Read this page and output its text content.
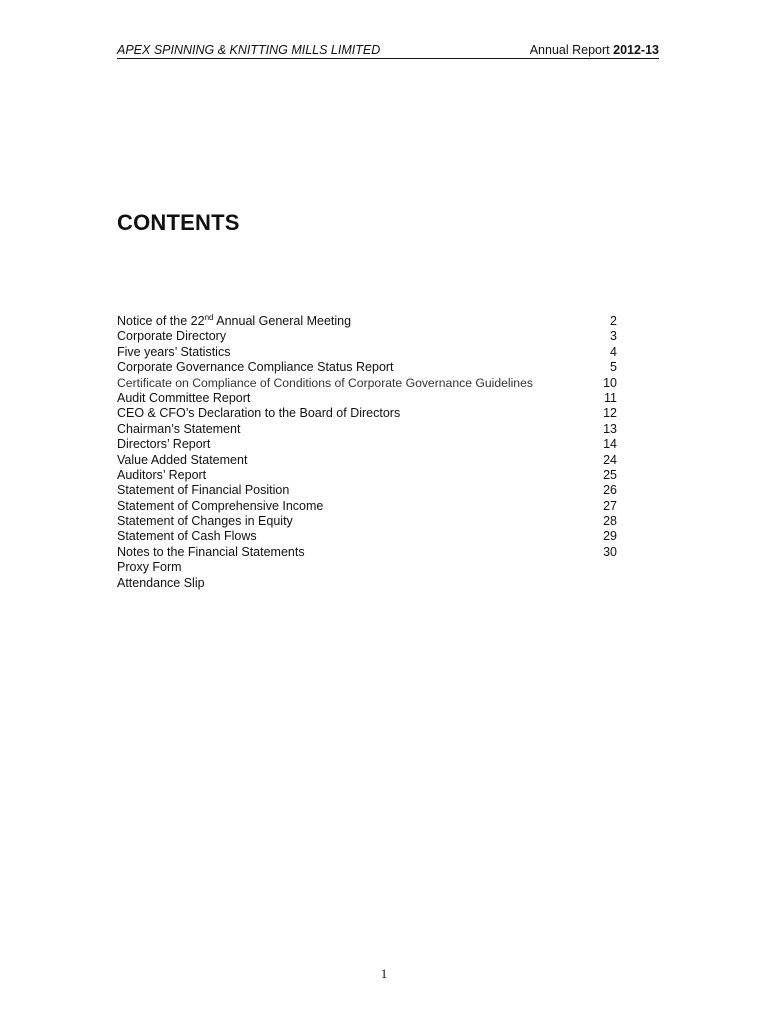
APEX SPINNING & KNITTING MILLS LIMITED	Annual Report 2012-13
CONTENTS
Notice of the 22nd Annual General Meeting	2
Corporate Directory	3
Five years’ Statistics	4
Corporate Governance Compliance Status Report	5
Certificate on Compliance of Conditions of Corporate Governance Guidelines	10
Audit Committee Report	11
CEO & CFO’s Declaration to the Board of Directors	12
Chairman’s Statement	13
Directors’ Report	14
Value Added Statement	24
Auditors’ Report	25
Statement of Financial Position	26
Statement of Comprehensive Income	27
Statement of Changes in Equity	28
Statement of Cash Flows	29
Notes to the Financial Statements	30
Proxy Form
Attendance Slip
1
